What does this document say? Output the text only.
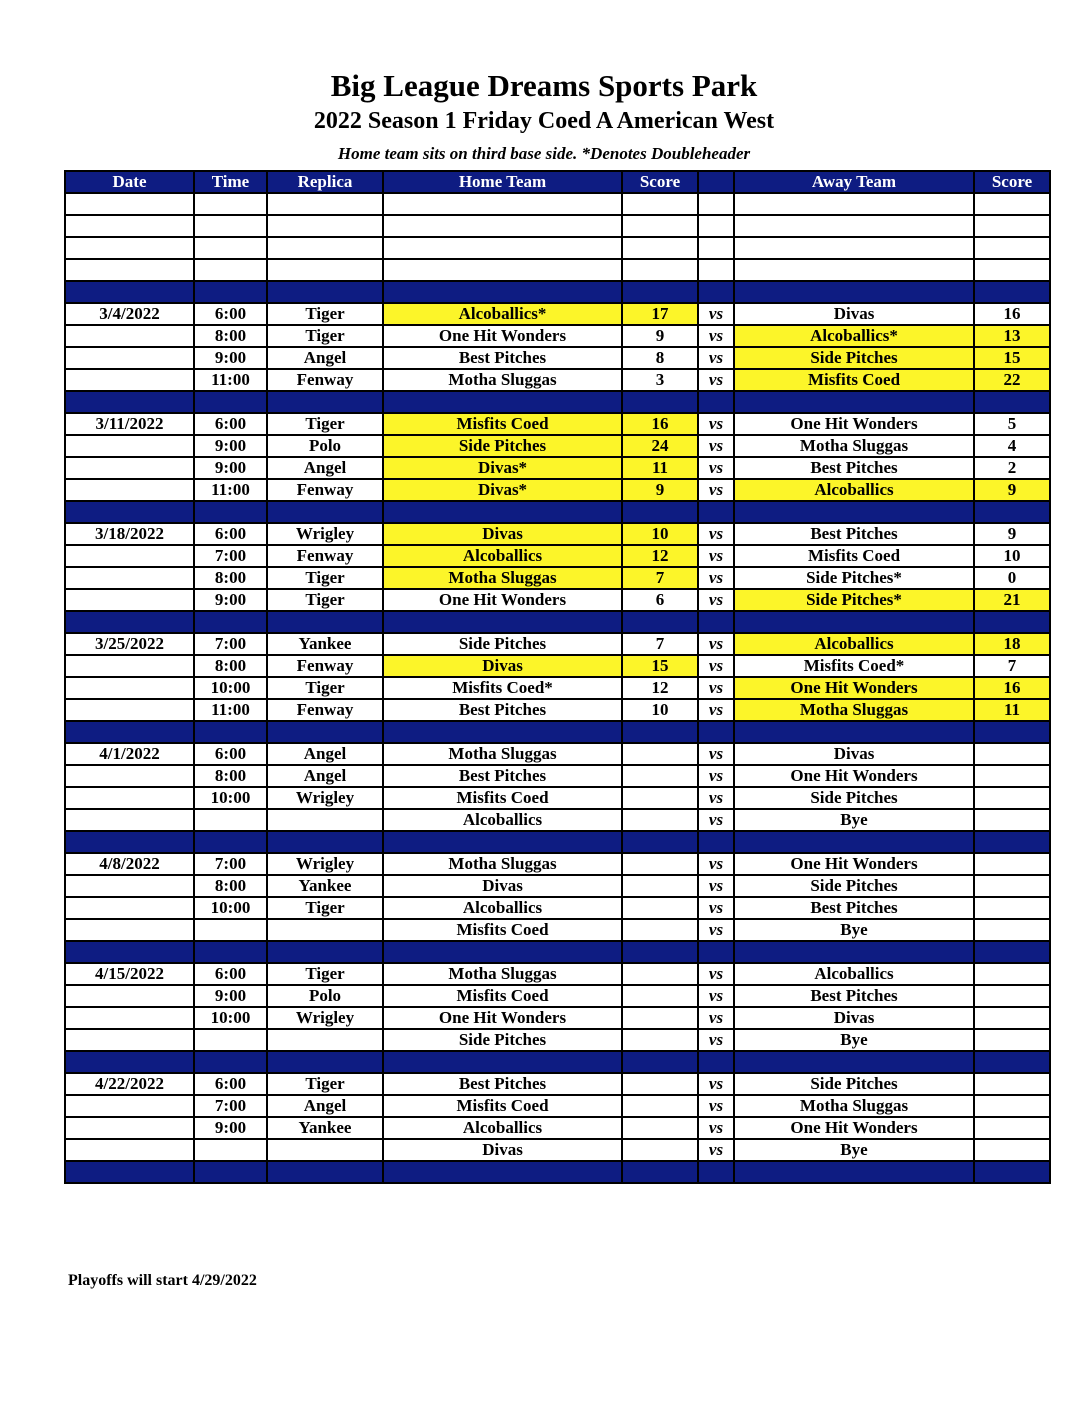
Big League Dreams Sports Park
2022 Season 1 Friday Coed A American West
Home team sits on third base side. *Denotes Doubleheader
Date	Time	Replica	Home Team	Score		Away Team	Score

3/4/2022	6:00	Tiger	Alcoballics*	17	vs	Divas	16
	8:00	Tiger	One Hit Wonders	9	vs	Alcoballics*	13
	9:00	Angel	Best Pitches	8	vs	Side Pitches	15
	11:00	Fenway	Motha Sluggas	3	vs	Misfits Coed	22

3/11/2022	6:00	Tiger	Misfits Coed	16	vs	One Hit Wonders	5
	9:00	Polo	Side Pitches	24	vs	Motha Sluggas	4
	9:00	Angel	Divas*	11	vs	Best Pitches	2
	11:00	Fenway	Divas*	9	vs	Alcoballics	9

3/18/2022	6:00	Wrigley	Divas	10	vs	Best Pitches	9
	7:00	Fenway	Alcoballics	12	vs	Misfits Coed	10
	8:00	Tiger	Motha Sluggas	7	vs	Side Pitches*	0
	9:00	Tiger	One Hit Wonders	6	vs	Side Pitches*	21

3/25/2022	7:00	Yankee	Side Pitches	7	vs	Alcoballics	18
	8:00	Fenway	Divas	15	vs	Misfits Coed*	7
	10:00	Tiger	Misfits Coed*	12	vs	One Hit Wonders	16
	11:00	Fenway	Best Pitches	10	vs	Motha Sluggas	11

4/1/2022	6:00	Angel	Motha Sluggas		vs	Divas	
	8:00	Angel	Best Pitches		vs	One Hit Wonders	
	10:00	Wrigley	Misfits Coed		vs	Side Pitches	
			Alcoballics		vs	Bye	

4/8/2022	7:00	Wrigley	Motha Sluggas		vs	One Hit Wonders	
	8:00	Yankee	Divas		vs	Side Pitches	
	10:00	Tiger	Alcoballics		vs	Best Pitches	
			Misfits Coed		vs	Bye	

4/15/2022	6:00	Tiger	Motha Sluggas		vs	Alcoballics	
	9:00	Polo	Misfits Coed		vs	Best Pitches	
	10:00	Wrigley	One Hit Wonders		vs	Divas	
			Side Pitches		vs	Bye	

4/22/2022	6:00	Tiger	Best Pitches		vs	Side Pitches	
	7:00	Angel	Misfits Coed		vs	Motha Sluggas	
	9:00	Yankee	Alcoballics		vs	One Hit Wonders	
			Divas		vs	Bye	

Playoffs will start 4/29/2022
